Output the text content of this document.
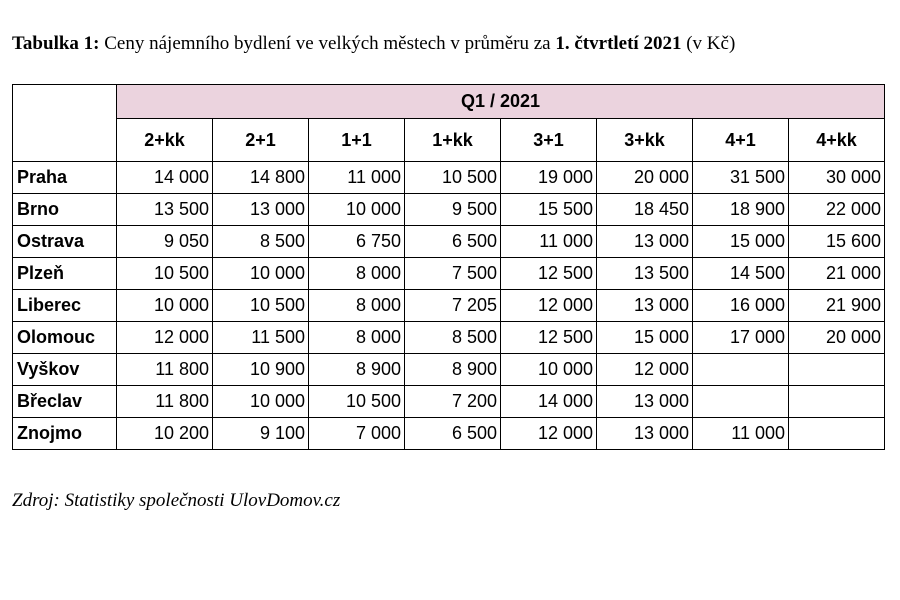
Tabulka 1: Ceny nájemního bydlení ve velkých městech v průměru za 1. čtvrtletí 2021 (v Kč)
	Q1 / 2021							
	2+kk	2+1	1+1	1+kk	3+1	3+kk	4+1	4+kk
Praha	14 000	14 800	11 000	10 500	19 000	20 000	31 500	30 000
Brno	13 500	13 000	10 000	9 500	15 500	18 450	18 900	22 000
Ostrava	9 050	8 500	6 750	6 500	11 000	13 000	15 000	15 600
Plzeň	10 500	10 000	8 000	7 500	12 500	13 500	14 500	21 000
Liberec	10 000	10 500	8 000	7 205	12 000	13 000	16 000	21 900
Olomouc	12 000	11 500	8 000	8 500	12 500	15 000	17 000	20 000
Vyškov	11 800	10 900	8 900	8 900	10 000	12 000		
Břeclav	11 800	10 000	10 500	7 200	14 000	13 000		
Znojmo	10 200	9 100	7 000	6 500	12 000	13 000	11 000	
Zdroj: Statistiky společnosti UlovDomov.cz
